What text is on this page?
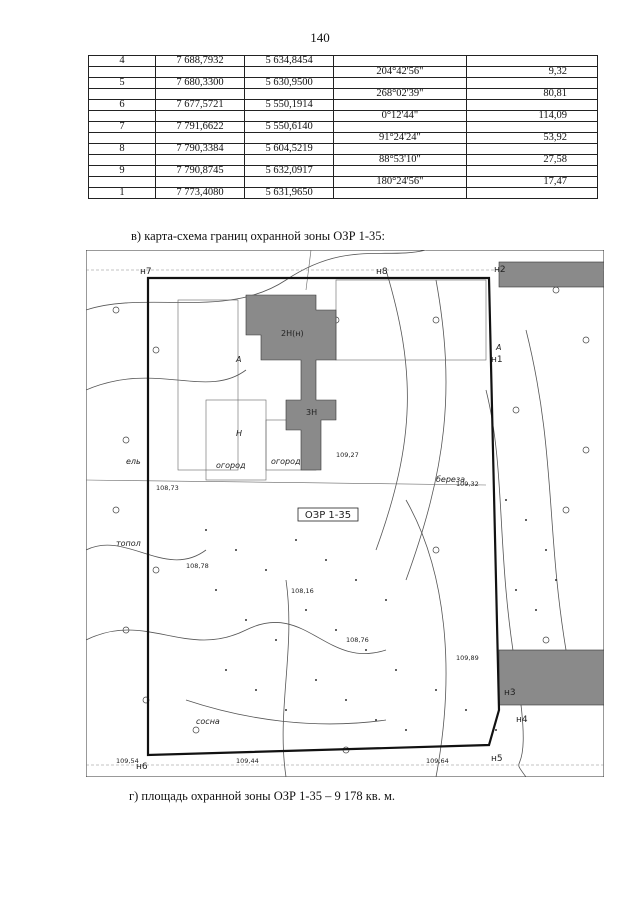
140
4	7 688,7932	5 634,8454		
			204°42'56"	9,32
5	7 680,3300	5 630,9500		
			268°02'39"	80,81
6	7 677,5721	5 550,1914		
			0°12'44"	114,09
7	7 791,6622	5 550,6140		
			91°24'24"	53,92
8	7 790,3384	5 604,5219		
			88°53'10"	27,58
9	7 790,8745	5 632,0917		
			180°24'56"	17,47
1	7 773,4080	5 631,9650		
в) карта-схема границ охранной зоны ОЗР 1-35:
ОЗР 1-35
н7	н8
н1
н2
н3
н4
н5
н6
2Н(н)
3Н
огород	огород
береза
ель
топол
сосна
Н
А
А
109,27
108,73
108,78
108,16
108,76
109,32
109,44
109,54	109,64
109,89
г) площадь охранной зоны ОЗР 1-35 – 9 178 кв. м.
